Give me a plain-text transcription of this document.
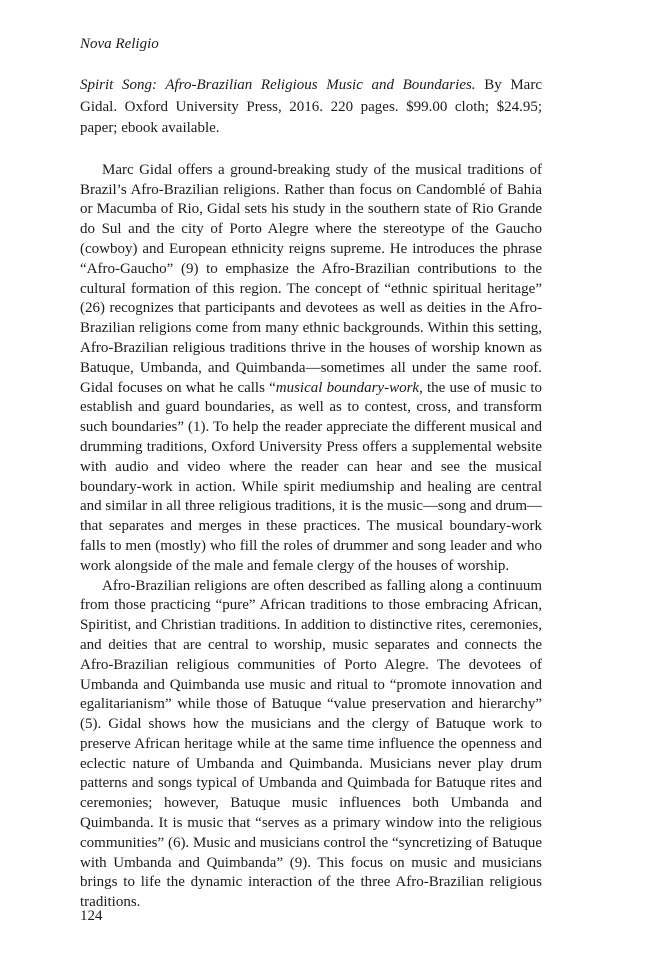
Nova Religio

Spirit Song: Afro-Brazilian Religious Music and Boundaries. By Marc Gidal. Oxford University Press, 2016. 220 pages. $99.00 cloth; $24.95; paper; ebook available.

Marc Gidal offers a ground-breaking study of the musical traditions of Brazil’s Afro-Brazilian religions. Rather than focus on Candomblé of Bahia or Macumba of Rio, Gidal sets his study in the southern state of Rio Grande do Sul and the city of Porto Alegre where the stereotype of the Gaucho (cowboy) and European ethnicity reigns supreme. He introduces the phrase “Afro-Gaucho” (9) to emphasize the Afro-Brazilian contributions to the cultural formation of this region. The concept of “ethnic spiritual heritage” (26) recognizes that participants and devotees as well as deities in the Afro-Brazilian religions come from many ethnic backgrounds. Within this setting, Afro-Brazilian religious traditions thrive in the houses of worship known as Batuque, Umbanda, and Quimbanda—sometimes all under the same roof. Gidal focuses on what he calls “musical boundary-work, the use of music to establish and guard boundaries, as well as to contest, cross, and transform such boundaries” (1). To help the reader appreciate the different musical and drumming traditions, Oxford University Press offers a supplemental website with audio and video where the reader can hear and see the musical boundary-work in action. While spirit mediumship and healing are central and similar in all three religious traditions, it is the music—song and drum—that separates and merges in these practices. The musical boundary-work falls to men (mostly) who fill the roles of drummer and song leader and who work alongside of the male and female clergy of the houses of worship.

Afro-Brazilian religions are often described as falling along a continuum from those practicing “pure” African traditions to those embracing African, Spiritist, and Christian traditions. In addition to distinctive rites, ceremonies, and deities that are central to worship, music separates and connects the Afro-Brazilian religious communities of Porto Alegre. The devotees of Umbanda and Quimbanda use music and ritual to “promote innovation and egalitarianism” while those of Batuque “value preservation and hierarchy” (5). Gidal shows how the musicians and the clergy of Batuque work to preserve African heritage while at the same time influence the openness and eclectic nature of Umbanda and Quimbanda. Musicians never play drum patterns and songs typical of Umbanda and Quimbada for Batuque rites and ceremonies; however, Batuque music influences both Umbanda and Quimbanda. It is music that “serves as a primary window into the religious communities” (6). Music and musicians control the “syncretizing of Batuque with Umbanda and Quimbanda” (9). This focus on music and musicians brings to life the dynamic interaction of the three Afro-Brazilian religious traditions.

124
